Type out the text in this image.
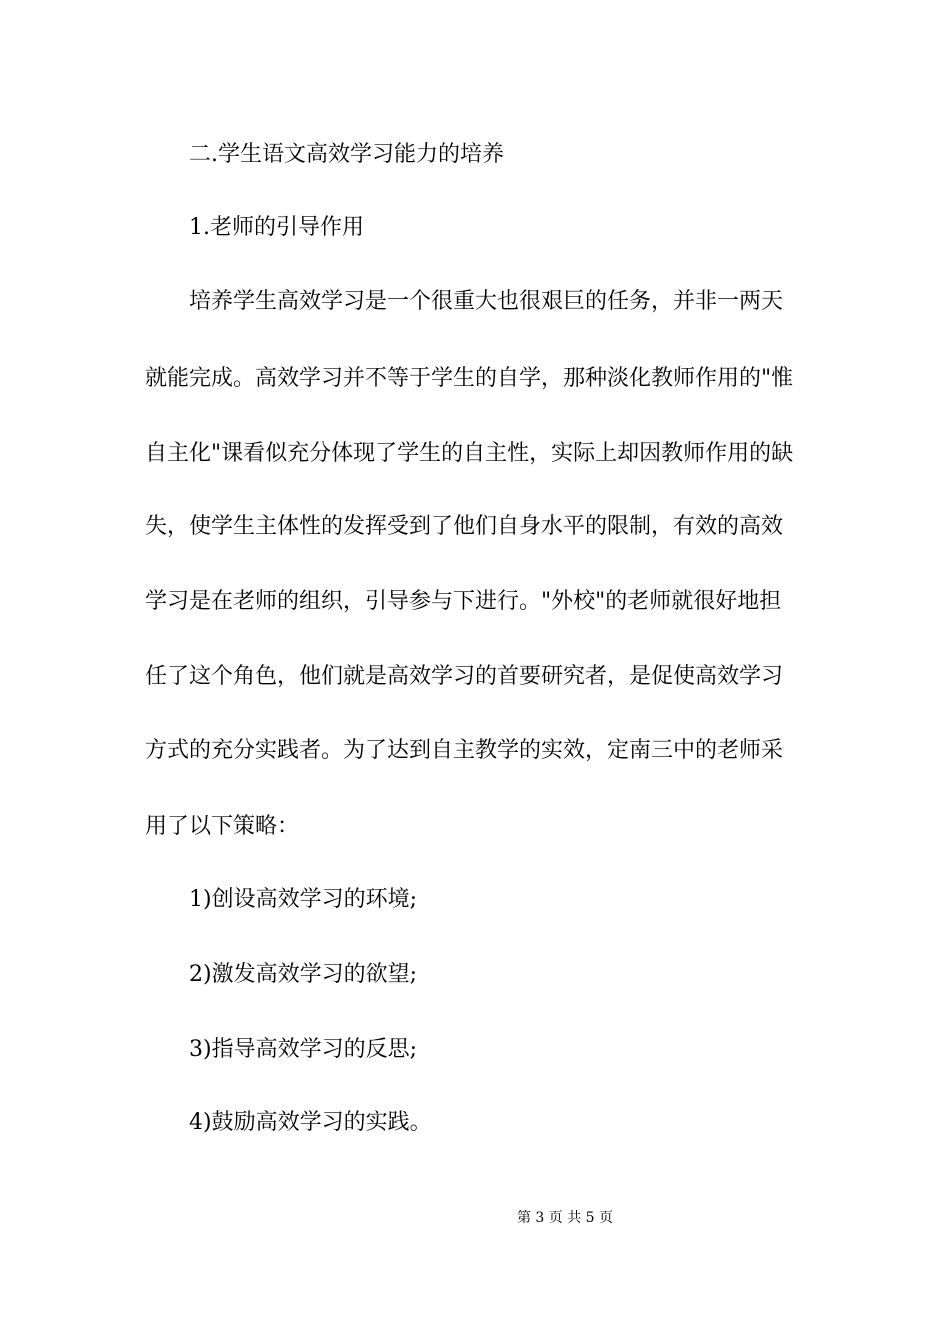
二.学生语文高效学习能力的培养
1.老师的引导作用
培养学生高效学习是一个很重大也很艰巨的任务，并非一两天
就能完成。高效学习并不等于学生的自学，那种淡化教师作用的"惟
自主化"课看似充分体现了学生的自主性，实际上却因教师作用的缺
失，使学生主体性的发挥受到了他们自身水平的限制，有效的高效
学习是在老师的组织，引导参与下进行。"外校"的老师就很好地担
任了这个角色，他们就是高效学习的首要研究者，是促使高效学习
方式的充分实践者。为了达到自主教学的实效，定南三中的老师采
用了以下策略：
1)创设高效学习的环境;
2)激发高效学习的欲望;
3)指导高效学习的反思;
4)鼓励高效学习的实践。
第 3 页 共 5 页
